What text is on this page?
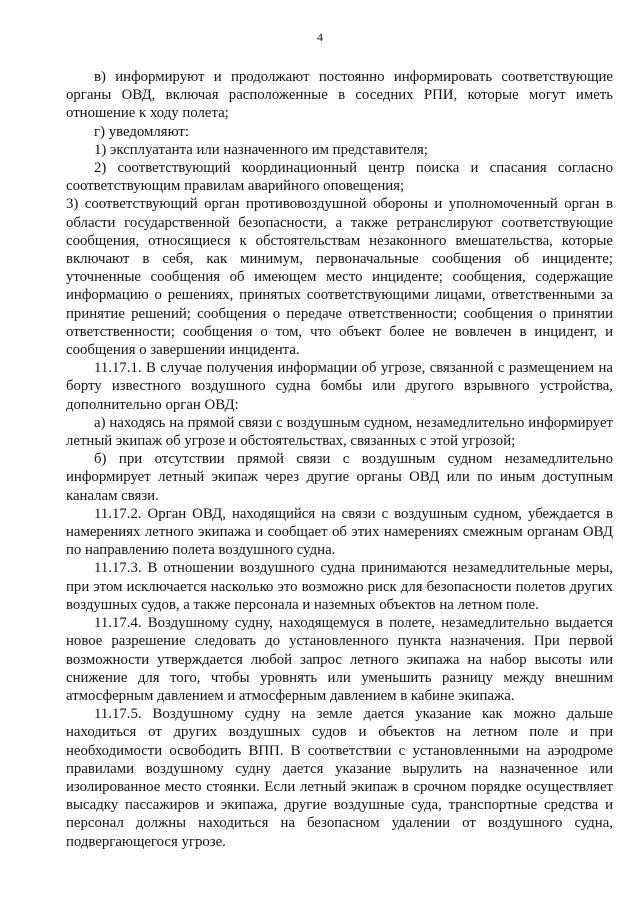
4

в) информируют и продолжают постоянно информировать соответствующие органы ОВД, включая расположенные в соседних РПИ, которые могут иметь отношение к ходу полета;

г) уведомляют:

1) эксплуатанта или назначенного им представителя;

2) соответствующий координационный центр поиска и спасания согласно соответствующим правилам аварийного оповещения;

3) соответствующий орган противовоздушной обороны и уполномоченный орган в области государственной безопасности, а также ретранслируют соответствующие сообщения, относящиеся к обстоятельствам незаконного вмешательства, которые включают в себя, как минимум, первоначальные сообщения об инциденте; уточненные сообщения об имеющем место инциденте; сообщения, содержащие информацию о решениях, принятых соответствующими лицами, ответственными за принятие решений; сообщения о передаче ответственности; сообщения о принятии ответственности; сообщения о том, что объект более не вовлечен в инцидент, и сообщения о завершении инцидента.

11.17.1. В случае получения информации об угрозе, связанной с размещением на борту известного воздушного судна бомбы или другого взрывного устройства, дополнительно орган ОВД:

а) находясь на прямой связи с воздушным судном, незамедлительно информирует летный экипаж об угрозе и обстоятельствах, связанных с этой угрозой;

б) при отсутствии прямой связи с воздушным судном незамедлительно информирует летный экипаж через другие органы ОВД или по иным доступным каналам связи.

11.17.2. Орган ОВД, находящийся на связи с воздушным судном, убеждается в намерениях летного экипажа и сообщает об этих намерениях смежным органам ОВД по направлению полета воздушного судна.

11.17.3. В отношении воздушного судна принимаются незамедлительные меры, при этом исключается насколько это возможно риск для безопасности полетов других воздушных судов, а также персонала и наземных объектов на летном поле.

11.17.4. Воздушному судну, находящемуся в полете, незамедлительно выдается новое разрешение следовать до установленного пункта назначения. При первой возможности утверждается любой запрос летного экипажа на набор высоты или снижение для того, чтобы уровнять или уменьшить разницу между внешним атмосферным давлением и атмосферным давлением в кабине экипажа.

11.17.5. Воздушному судну на земле дается указание как можно дальше находиться от других воздушных судов и объектов на летном поле и при необходимости освободить ВПП. В соответствии с установленными на аэродроме правилами воздушному судну дается указание вырулить на назначенное или изолированное место стоянки. Если летный экипаж в срочном порядке осуществляет высадку пассажиров и экипажа, другие воздушные суда, транспортные средства и персонал должны находиться на безопасном удалении от воздушного судна, подвергающегося угрозе.
